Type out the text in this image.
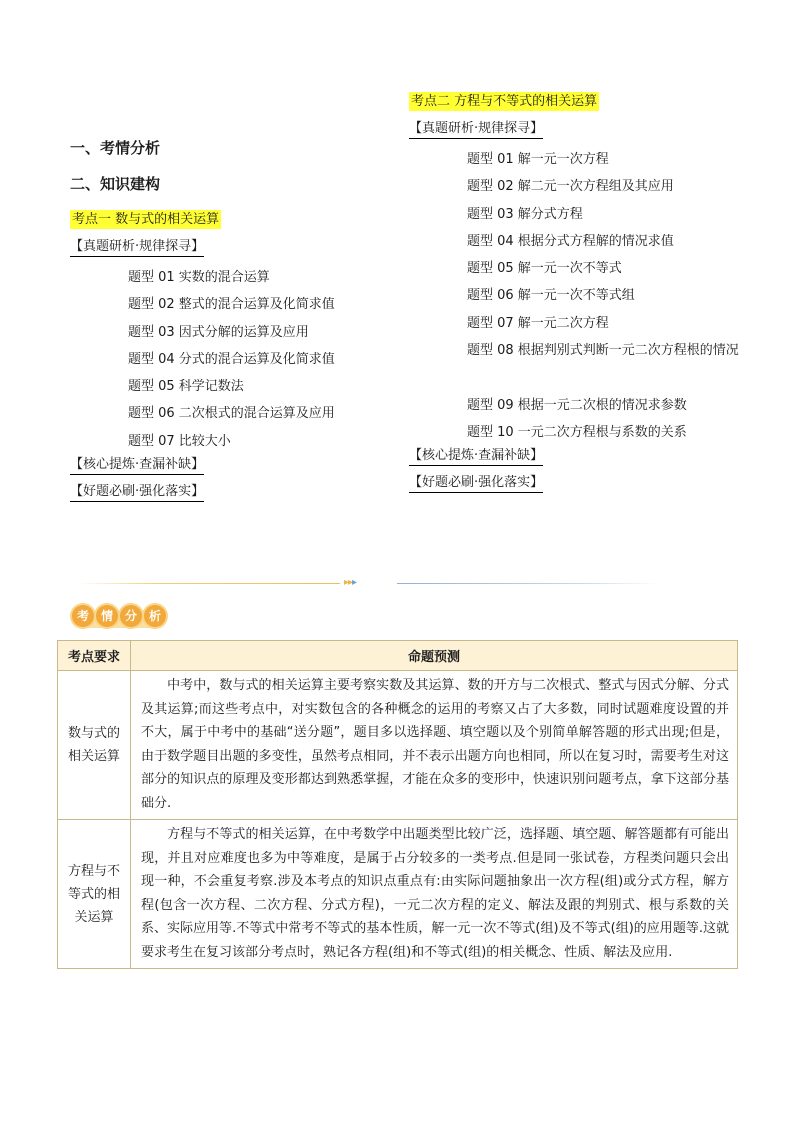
一、考情分析
二、知识建构
考点一 数与式的相关运算
【真题研析·规律探寻】
题型 01 实数的混合运算
题型 02 整式的混合运算及化简求值
题型 03 因式分解的运算及应用
题型 04 分式的混合运算及化简求值
题型 05 科学记数法
题型 06 二次根式的混合运算及应用
题型 07 比较大小
【核心提炼·查漏补缺】
【好题必刷·强化落实】
考点二 方程与不等式的相关运算
【真题研析·规律探寻】
题型 01 解一元一次方程
题型 02 解二元一次方程组及其应用
题型 03 解分式方程
题型 04 根据分式方程解的情况求值
题型 05 解一元一次不等式
题型 06 解一元一次不等式组
题型 07 解一元二次方程
题型 08 根据判别式判断一元二次方程根的情况
题型 09 根据一元二次根的情况求参数
题型 10 一元二次方程根与系数的关系
【核心提炼·查漏补缺】
【好题必刷·强化落实】
▸▸▸
考 情 分 析
考点要求	命题预测
数与式的相关运算	中考中，数与式的相关运算主要考察实数及其运算、数的开方与二次根式、整式与因式分解、分式及其运算;而这些考点中，对实数包含的各种概念的运用的考察又占了大多数，同时试题难度设置的并不大，属于中考中的基础“送分题”，题目多以选择题、填空题以及个别简单解答题的形式出现;但是，由于数学题目出题的多变性，虽然考点相同，并不表示出题方向也相同，所以在复习时，需要考生对这部分的知识点的原理及变形都达到熟悉掌握，才能在众多的变形中，快速识别问题考点，拿下这部分基础分.
方程与不等式的相关运算	方程与不等式的相关运算，在中考数学中出题类型比较广泛，选择题、填空题、解答题都有可能出现，并且对应难度也多为中等难度，是属于占分较多的一类考点.但是同一张试卷，方程类问题只会出现一种，不会重复考察.涉及本考点的知识点重点有:由实际问题抽象出一次方程(组)或分式方程，解方程(包含一次方程、二次方程、分式方程)，一元二次方程的定义、解法及跟的判别式、根与系数的关系、实际应用等.不等式中常考不等式的基本性质，解一元一次不等式(组)及不等式(组)的应用题等.这就要求考生在复习该部分考点时，熟记各方程(组)和不等式(组)的相关概念、性质、解法及应用.
